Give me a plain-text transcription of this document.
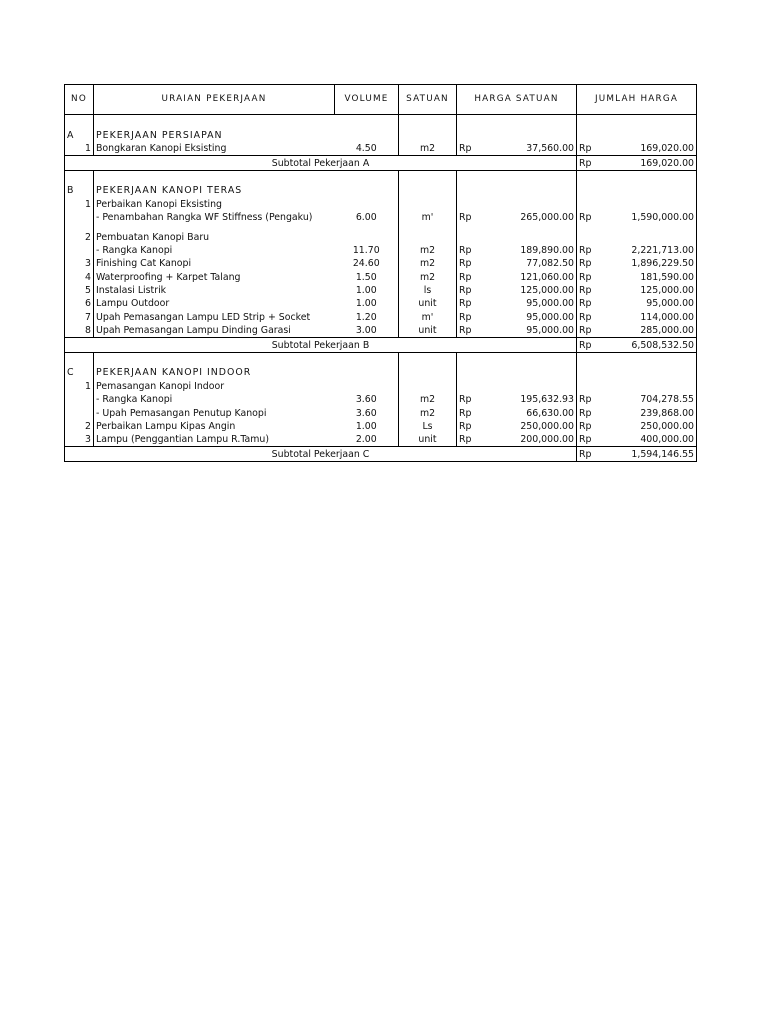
NO	URAIAN PEKERJAAN	VOLUME	SATUAN	HARGA SATUAN		JUMLAH HARGA	

A	PEKERJAAN PERSIAPAN						
1	Bongkaran Kanopi Eksisting	4.50	m2	Rp	37,560.00	Rp	169,020.00
Subtotal Pekerjaan A						Rp	169,020.00

B	PEKERJAAN KANOPI TERAS						
1	Perbaikan Kanopi Eksisting						
	- Penambahan Rangka WF Stiffness (Pengaku)	6.00	m'	Rp	265,000.00	Rp	1,590,000.00

2	Pembuatan Kanopi Baru						
	- Rangka Kanopi	11.70	m2	Rp	189,890.00	Rp	2,221,713.00
3	Finishing Cat Kanopi	24.60	m2	Rp	77,082.50	Rp	1,896,229.50
4	Waterproofing + Karpet Talang	1.50	m2	Rp	121,060.00	Rp	181,590.00
5	Instalasi Listrik	1.00	ls	Rp	125,000.00	Rp	125,000.00
6	Lampu Outdoor	1.00	unit	Rp	95,000.00	Rp	95,000.00
7	Upah Pemasangan Lampu LED Strip + Socket	1.20	m'	Rp	95,000.00	Rp	114,000.00
8	Upah Pemasangan Lampu Dinding Garasi	3.00	unit	Rp	95,000.00	Rp	285,000.00
Subtotal Pekerjaan B						Rp	6,508,532.50

C	PEKERJAAN KANOPI INDOOR						
1	Pemasangan Kanopi Indoor						
	- Rangka Kanopi	3.60	m2	Rp	195,632.93	Rp	704,278.55
	- Upah Pemasangan Penutup Kanopi	3.60	m2	Rp	66,630.00	Rp	239,868.00
2	Perbaikan Lampu Kipas Angin	1.00	Ls	Rp	250,000.00	Rp	250,000.00
3	Lampu (Penggantian Lampu R.Tamu)	2.00	unit	Rp	200,000.00	Rp	400,000.00
Subtotal Pekerjaan C						Rp	1,594,146.55
